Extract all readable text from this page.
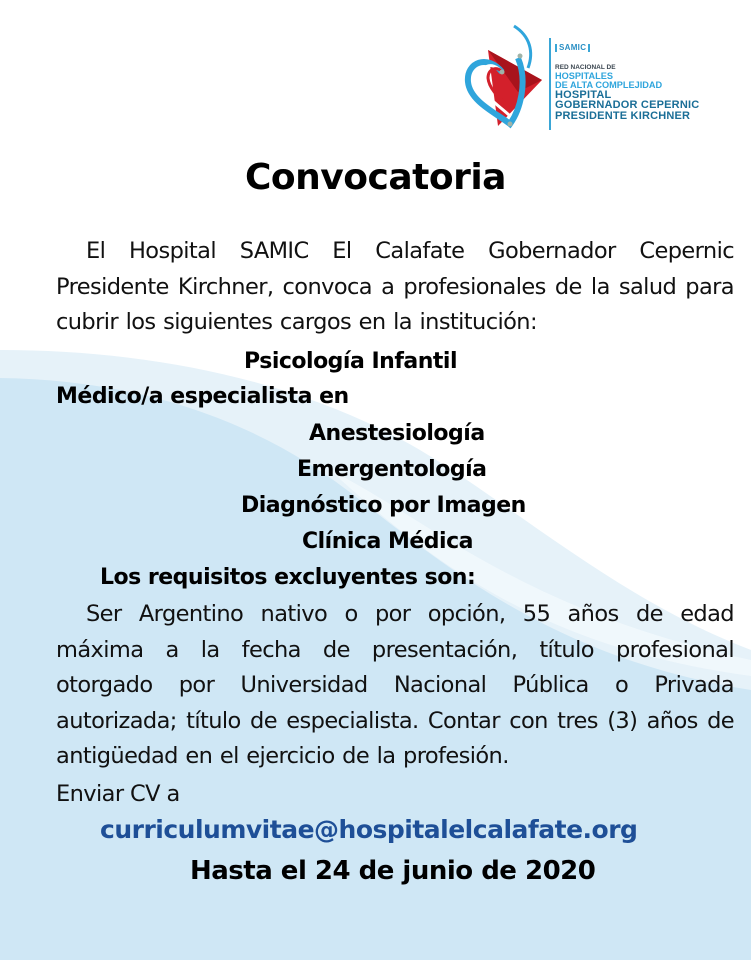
SAMIC
RED NACIONAL DE
HOSPITALES
DE ALTA COMPLEJIDAD
HOSPITAL
GOBERNADOR CEPERNIC
PRESIDENTE KIRCHNER
Convocatoria
El Hospital SAMIC El Calafate Gobernador Cepernic Presidente Kirchner, convoca a profesionales de la salud para cubrir los siguientes cargos en la institución:
Psicología Infantil
Médico/a especialista en
Anestesiología
Emergentología
Diagnóstico por Imagen
Clínica Médica
Los requisitos excluyentes son:
Ser Argentino nativo o por opción, 55 años de edad máxima a la fecha de presentación, título profesional otorgado por Universidad Nacional Pública o Privada autorizada; título de especialista. Contar con tres (3) años de antigüedad en el ejercicio de la profesión.
Enviar CV a
curriculumvitae@hospitalelcalafate.org
Hasta el 24 de junio de 2020
